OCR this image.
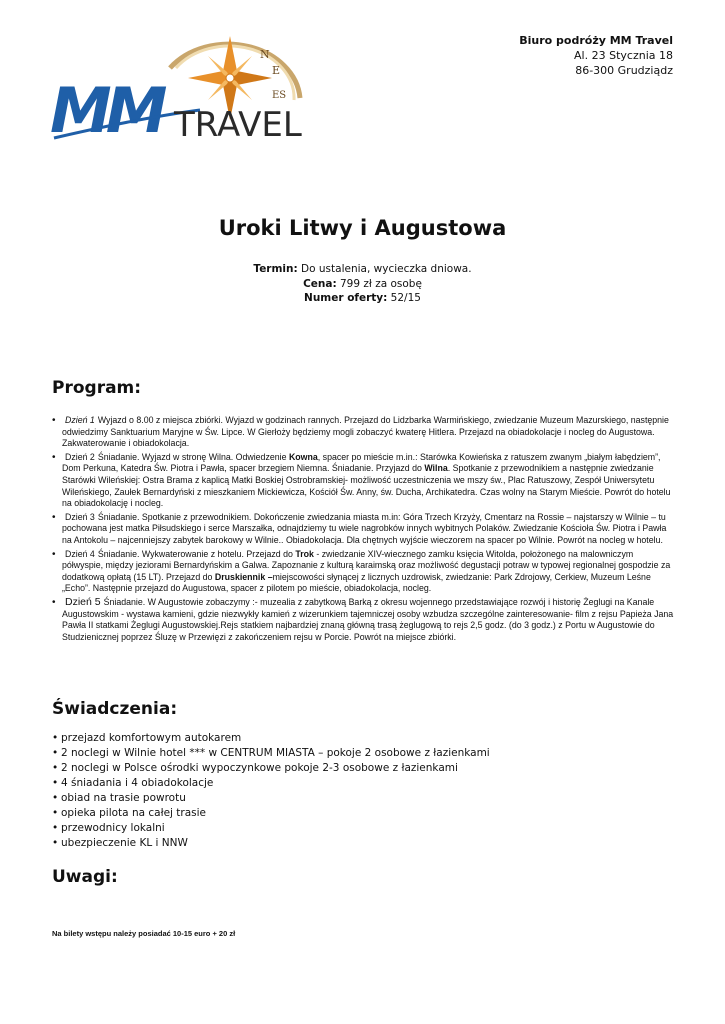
N
E
ES
MM TRAVEL
Biuro podróży MM Travel
Al. 23 Stycznia 18
86-300 Grudziądz
Uroki Litwy i Augustowa
Termin: Do ustalenia, wycieczka dniowa.
Cena: 799 zł za osobę
Numer oferty: 52/15
Program:
• Dzień 1 Wyjazd o 8.00 z miejsca zbiórki. Wyjazd w godzinach rannych. Przejazd do Lidzbarka Warmińskiego, zwiedzanie Muzeum Mazurskiego, następnie odwiedzimy Sanktuarium Maryjne w Św. Lipce. W Gierłoży będziemy mogli zobaczyć kwaterę Hitlera. Przejazd na obiadokolacje i nocleg do Augustowa. Zakwaterowanie i obiadokolacja.
• Dzień 2 Śniadanie. Wyjazd w stronę Wilna. Odwiedzenie Kowna, spacer po mieście m.in.: Starówka Kowieńska z ratuszem zwanym „białym łabędziem”, Dom Perkuna, Katedra Św. Piotra i Pawła, spacer brzegiem Niemna. Śniadanie. Przyjazd do Wilna. Spotkanie z przewodnikiem a następnie zwiedzanie Starówki Wileńskiej: Ostra Brama z kaplicą Matki Boskiej Ostrobramskiej- możliwość uczestniczenia we mszy św., Plac Ratuszowy, Zespół Uniwersytetu Wileńskiego, Zaułek Bernardyński z mieszkaniem Mickiewicza, Kościół Św. Anny, św. Ducha, Archikatedra. Czas wolny na Starym Mieście. Powrót do hotelu na obiadokolację i nocleg.
• Dzień 3 Śniadanie. Spotkanie z przewodnikiem. Dokończenie zwiedzania miasta m.in: Góra Trzech Krzyży, Cmentarz na Rossie – najstarszy w Wilnie – tu pochowana jest matka Piłsudskiego i serce Marszałka, odnajdziemy tu wiele nagrobków innych wybitnych Polaków. Zwiedzanie Kościoła Św. Piotra i Pawła na Antokolu – najcenniejszy zabytek barokowy w Wilnie.. Obiadokolacja. Dla chętnych wyjście wieczorem na spacer po Wilnie. Powrót na nocleg w hotelu.
• Dzień 4 Śniadanie. Wykwaterowanie z hotelu. Przejazd do Trok - zwiedzanie XIV-wiecznego zamku księcia Witolda, położonego na malowniczym półwyspie, między jeziorami Bernardyńskim a Galwa. Zapoznanie z kulturą karaimską oraz możliwość degustacji potraw w typowej regionalnej gospodzie za dodatkową opłatą (15 LT). Przejazd do Druskiennik –miejscowości słynącej z licznych uzdrowisk, zwiedzanie: Park Zdrojowy, Cerkiew, Muzeum Leśne „Echo”. Następnie przejazd do Augustowa, spacer z pilotem po mieście, obiadokolacja, nocleg.
• Dzień 5 Śniadanie. W Augustowie zobaczymy :- muzealia z zabytkową Barką z okresu wojennego przedstawiające rozwój i historię Żeglugi na Kanale Augustowskim - wystawa kamieni, gdzie niezwykły kamień z wizerunkiem tajemniczej osoby wzbudza szczególne zainteresowanie- film z rejsu Papieża Jana Pawła II statkami Żeglugi Augustowskiej.Rejs statkiem najbardziej znaną główną trasą żeglugową to rejs 2,5 godz. (do 3 godz.) z Portu w Augustowie do Studzienicznej poprzez Śluzę w Przewięzi z zakończeniem rejsu w Porcie. Powrót na miejsce zbiórki.
Świadczenia:
• przejazd komfortowym autokarem
• 2 noclegi w Wilnie hotel *** w CENTRUM MIASTA – pokoje 2 osobowe z łazienkami
• 2 noclegi w Polsce ośrodki wypoczynkowe pokoje 2-3 osobowe z łazienkami
• 4 śniadania i 4 obiadokolacje
• obiad na trasie powrotu
• opieka pilota na całej trasie
• przewodnicy lokalni
• ubezpieczenie KL i NNW
Uwagi:
Na bilety wstępu należy posiadać 10-15 euro + 20 zł
